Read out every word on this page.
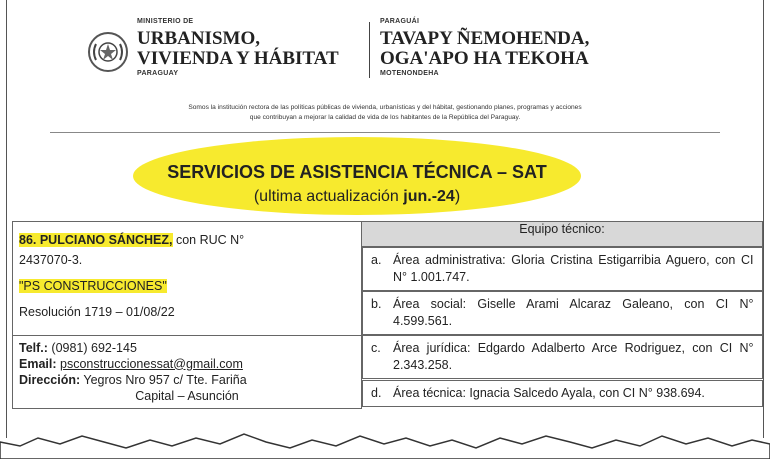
MINISTERIO DE
URBANISMO,
VIVIENDA Y HÁBITAT
PARAGUAY
PARAGUÁI
TAVAPY ÑEMOHENDA,
OGA'APO HA TEKOHA
MOTENONDEHA
Somos la institución rectora de las políticas públicas de vivienda, urbanísticas y del hábitat, gestionando planes, programas y acciones
que contribuyan a mejorar la calidad de vida de los habitantes de la República del Paraguay.
SERVICIOS DE ASISTENCIA TÉCNICA – SAT
(ultima actualización jun.-24)
86. PULCIANO SÁNCHEZ, con RUC N°
2437070-3.

"PS CONSTRUCCIONES"

Resolución 1719 – 01/08/22	Equipo técnico:

a. Área administrativa: Gloria Cristina Estigarribia Aguero, con CI N° 1.001.747.

b. Área social: Giselle Arami Alcaraz Galeano, con CI N° 4.599.561.

Telf.: (0981) 692-145
Email: psconstruccionessat@gmail.com
Dirección: Yegros Nro 957 c/ Tte. Fariña
Capital – Asunción

c. Área jurídica: Edgardo Adalberto Arce Rodriguez, con CI N° 2.343.258.

d. Área técnica: Ignacia Salcedo Ayala, con CI N° 938.694.
